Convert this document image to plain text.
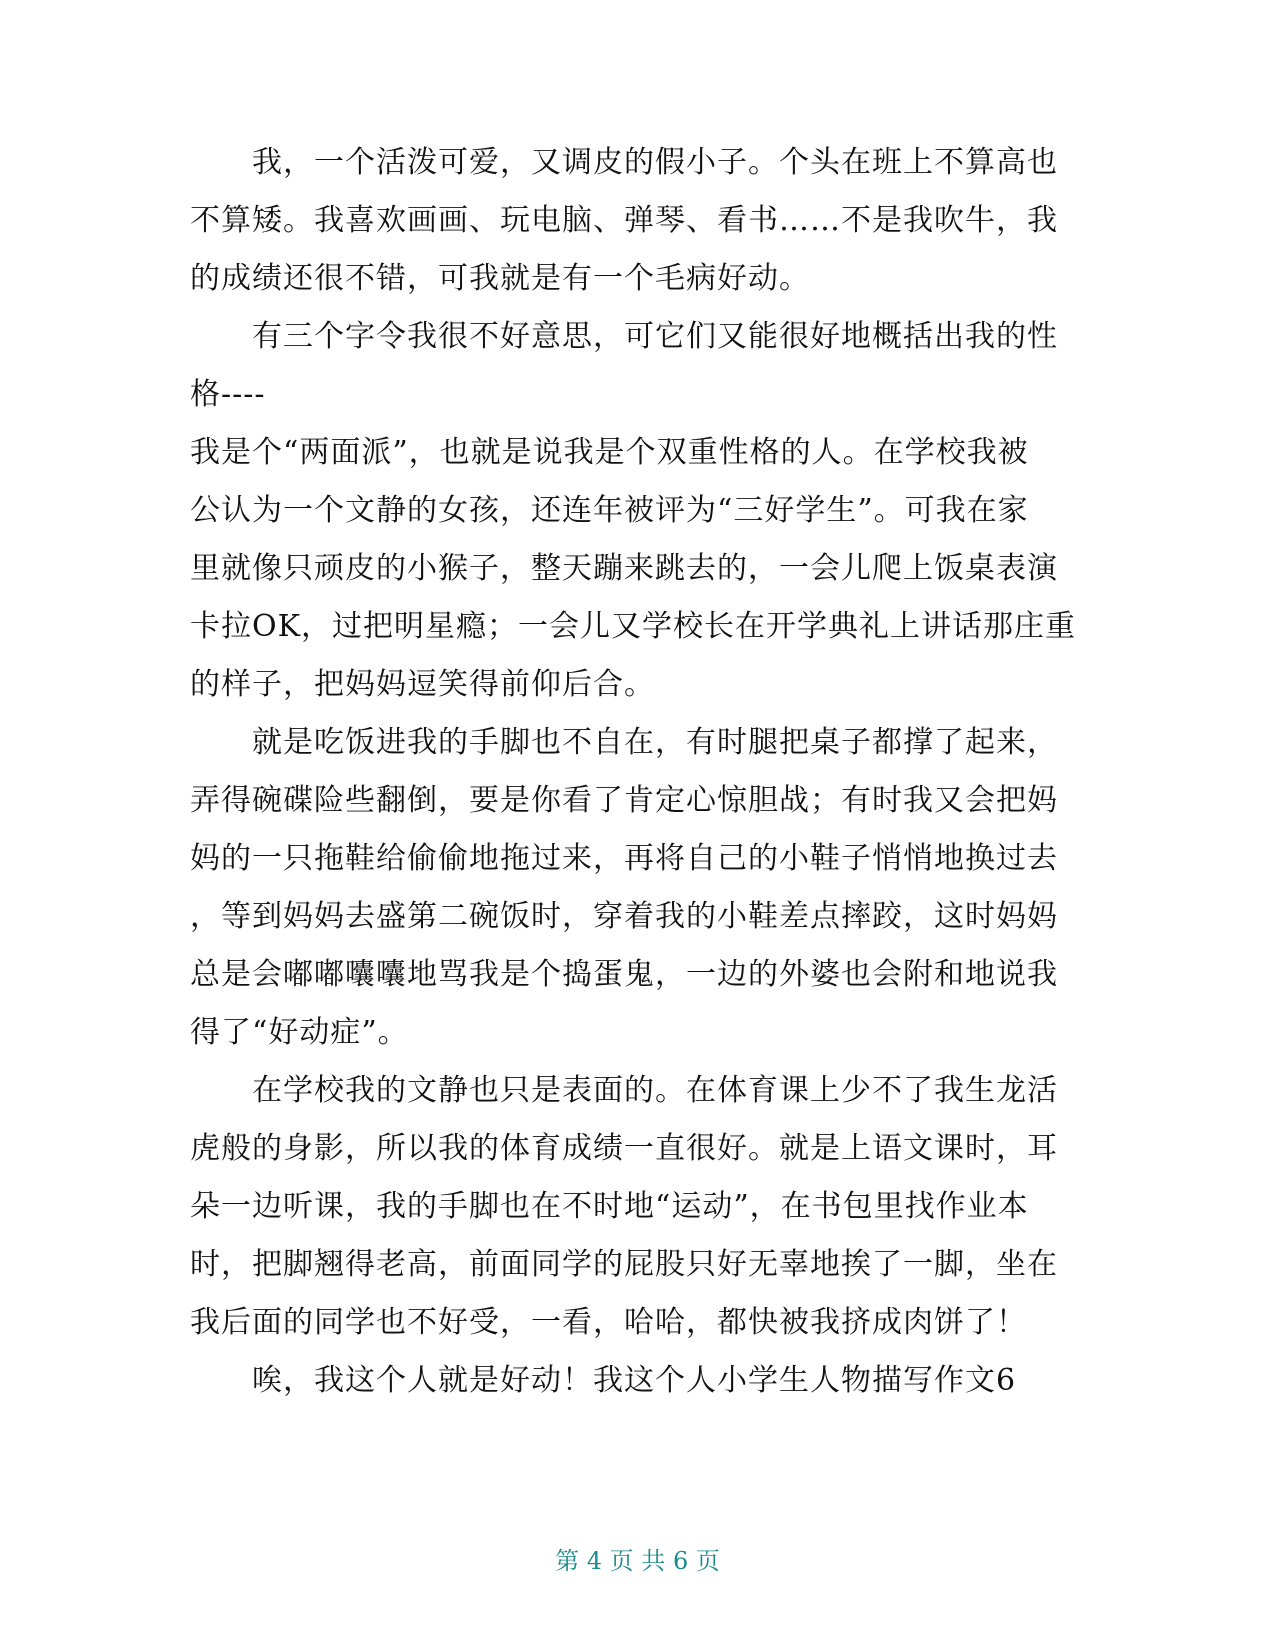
　　我，一个活泼可爱，又调皮的假小子。个头在班上不算高也
不算矮。我喜欢画画、玩电脑、弹琴、看书……不是我吹牛，我
的成绩还很不错，可我就是有一个毛病好动。
　　有三个字令我很不好意思，可它们又能很好地概括出我的性
格----
我是个“两面派”，也就是说我是个双重性格的人。在学校我被
公认为一个文静的女孩，还连年被评为“三好学生”。可我在家
里就像只顽皮的小猴子，整天蹦来跳去的，一会儿爬上饭桌表演
卡拉OK，过把明星瘾；一会儿又学校长在开学典礼上讲话那庄重
的样子，把妈妈逗笑得前仰后合。
　　就是吃饭进我的手脚也不自在，有时腿把桌子都撑了起来，
弄得碗碟险些翻倒，要是你看了肯定心惊胆战；有时我又会把妈
妈的一只拖鞋给偷偷地拖过来，再将自己的小鞋子悄悄地换过去
，等到妈妈去盛第二碗饭时，穿着我的小鞋差点摔跤，这时妈妈
总是会嘟嘟囔囔地骂我是个捣蛋鬼，一边的外婆也会附和地说我
得了“好动症”。
　　在学校我的文静也只是表面的。在体育课上少不了我生龙活
虎般的身影，所以我的体育成绩一直很好。就是上语文课时，耳
朵一边听课，我的手脚也在不时地“运动”，在书包里找作业本
时，把脚翘得老高，前面同学的屁股只好无辜地挨了一脚，坐在
我后面的同学也不好受，一看，哈哈，都快被我挤成肉饼了！
　　唉，我这个人就是好动！我这个人小学生人物描写作文6
第 4 页 共 6 页
